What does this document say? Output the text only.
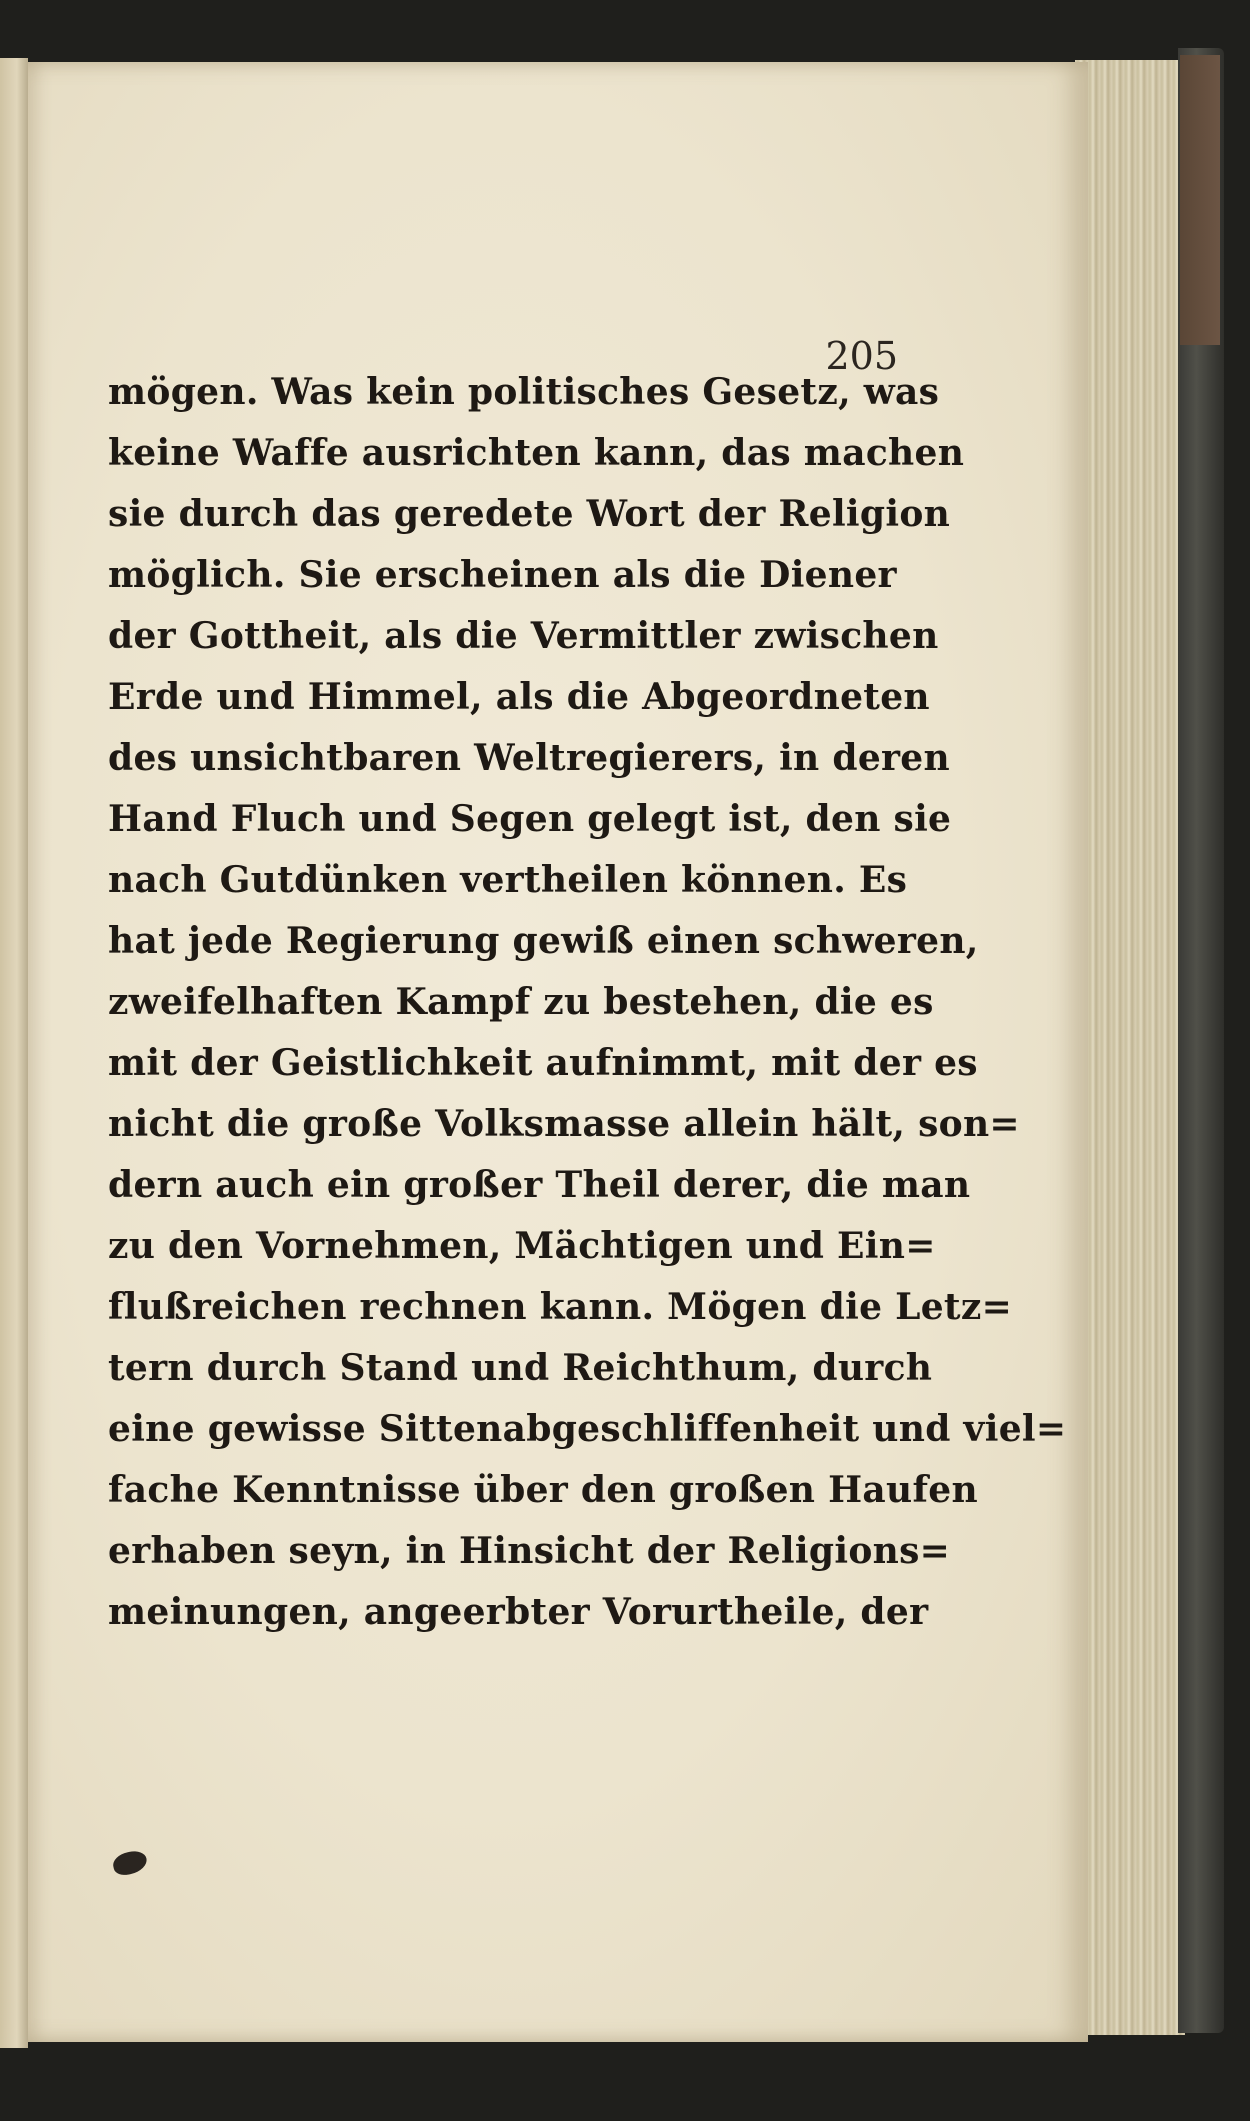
205
mögen. Was kein politisches Gesetz, was
keine Waffe ausrichten kann, das machen
sie durch das geredete Wort der Religion
möglich. Sie erscheinen als die Diener
der Gottheit, als die Vermittler zwischen
Erde und Himmel, als die Abgeordneten
des unsichtbaren Weltregierers, in deren
Hand Fluch und Segen gelegt ist, den sie
nach Gutdünken vertheilen können. Es
hat jede Regierung gewiß einen schweren,
zweifelhaften Kampf zu bestehen, die es
mit der Geistlichkeit aufnimmt, mit der es
nicht die große Volksmasse allein hält, son=
dern auch ein großer Theil derer, die man
zu den Vornehmen, Mächtigen und Ein=
flußreichen rechnen kann. Mögen die Letz=
tern durch Stand und Reichthum, durch
eine gewisse Sittenabgeschliffenheit und viel=
fache Kenntnisse über den großen Haufen
erhaben seyn, in Hinsicht der Religions=
meinungen, angeerbter Vorurtheile, der
